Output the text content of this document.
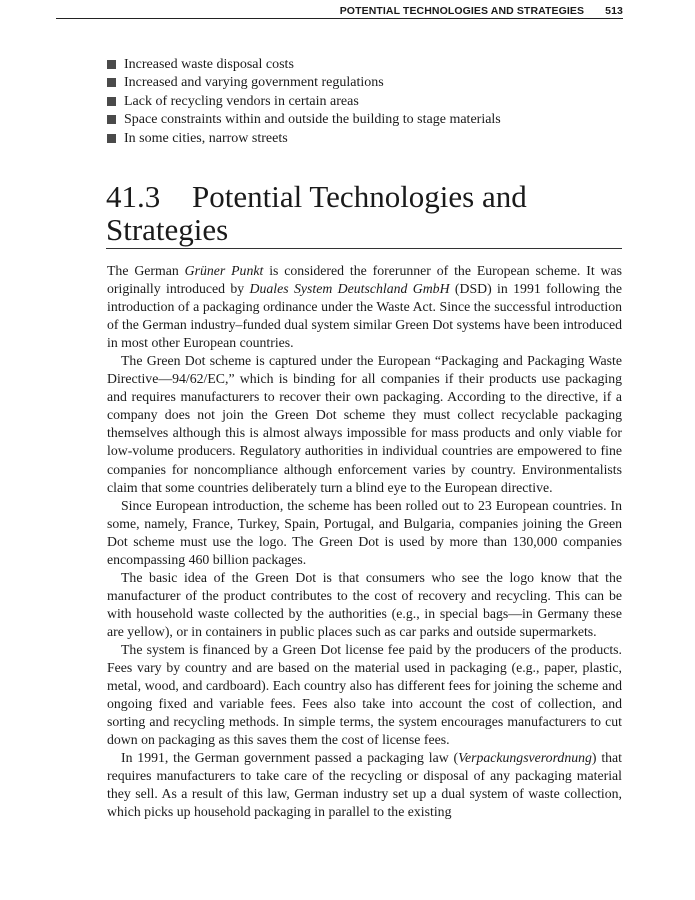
POTENTIAL TECHNOLOGIES AND STRATEGIES 513
Increased waste disposal costs
Increased and varying government regulations
Lack of recycling vendors in certain areas
Space constraints within and outside the building to stage materials
In some cities, narrow streets
41.3 Potential Technologies and Strategies

The German Grüner Punkt is considered the forerunner of the European scheme. It was originally introduced by Duales System Deutschland GmbH (DSD) in 1991 following the introduction of a packaging ordinance under the Waste Act. Since the successful introduction of the German industry–funded dual system similar Green Dot systems have been introduced in most other European countries.

The Green Dot scheme is captured under the European “Packaging and Packaging Waste Directive—94/62/EC,” which is binding for all companies if their products use packaging and requires manufacturers to recover their own packaging. According to the directive, if a company does not join the Green Dot scheme they must collect recyclable packaging themselves although this is almost always impossible for mass products and only viable for low-volume producers. Regulatory authorities in individual countries are empowered to fine companies for noncompliance although enforcement varies by country. Environmentalists claim that some countries deliberately turn a blind eye to the European directive.

Since European introduction, the scheme has been rolled out to 23 European countries. In some, namely, France, Turkey, Spain, Portugal, and Bulgaria, companies joining the Green Dot scheme must use the logo. The Green Dot is used by more than 130,000 companies encompassing 460 billion packages.

The basic idea of the Green Dot is that consumers who see the logo know that the manufacturer of the product contributes to the cost of recovery and recycling. This can be with household waste collected by the authorities (e.g., in special bags—in Germany these are yellow), or in containers in public places such as car parks and outside supermarkets.

The system is financed by a Green Dot license fee paid by the producers of the products. Fees vary by country and are based on the material used in packaging (e.g., paper, plastic, metal, wood, and cardboard). Each country also has different fees for joining the scheme and ongoing fixed and variable fees. Fees also take into account the cost of collection, and sorting and recycling methods. In simple terms, the system encourages manufacturers to cut down on packaging as this saves them the cost of license fees.

In 1991, the German government passed a packaging law (Verpackungsverordnung) that requires manufacturers to take care of the recycling or disposal of any packaging material they sell. As a result of this law, German industry set up a dual system of waste collection, which picks up household packaging in parallel to the existing
